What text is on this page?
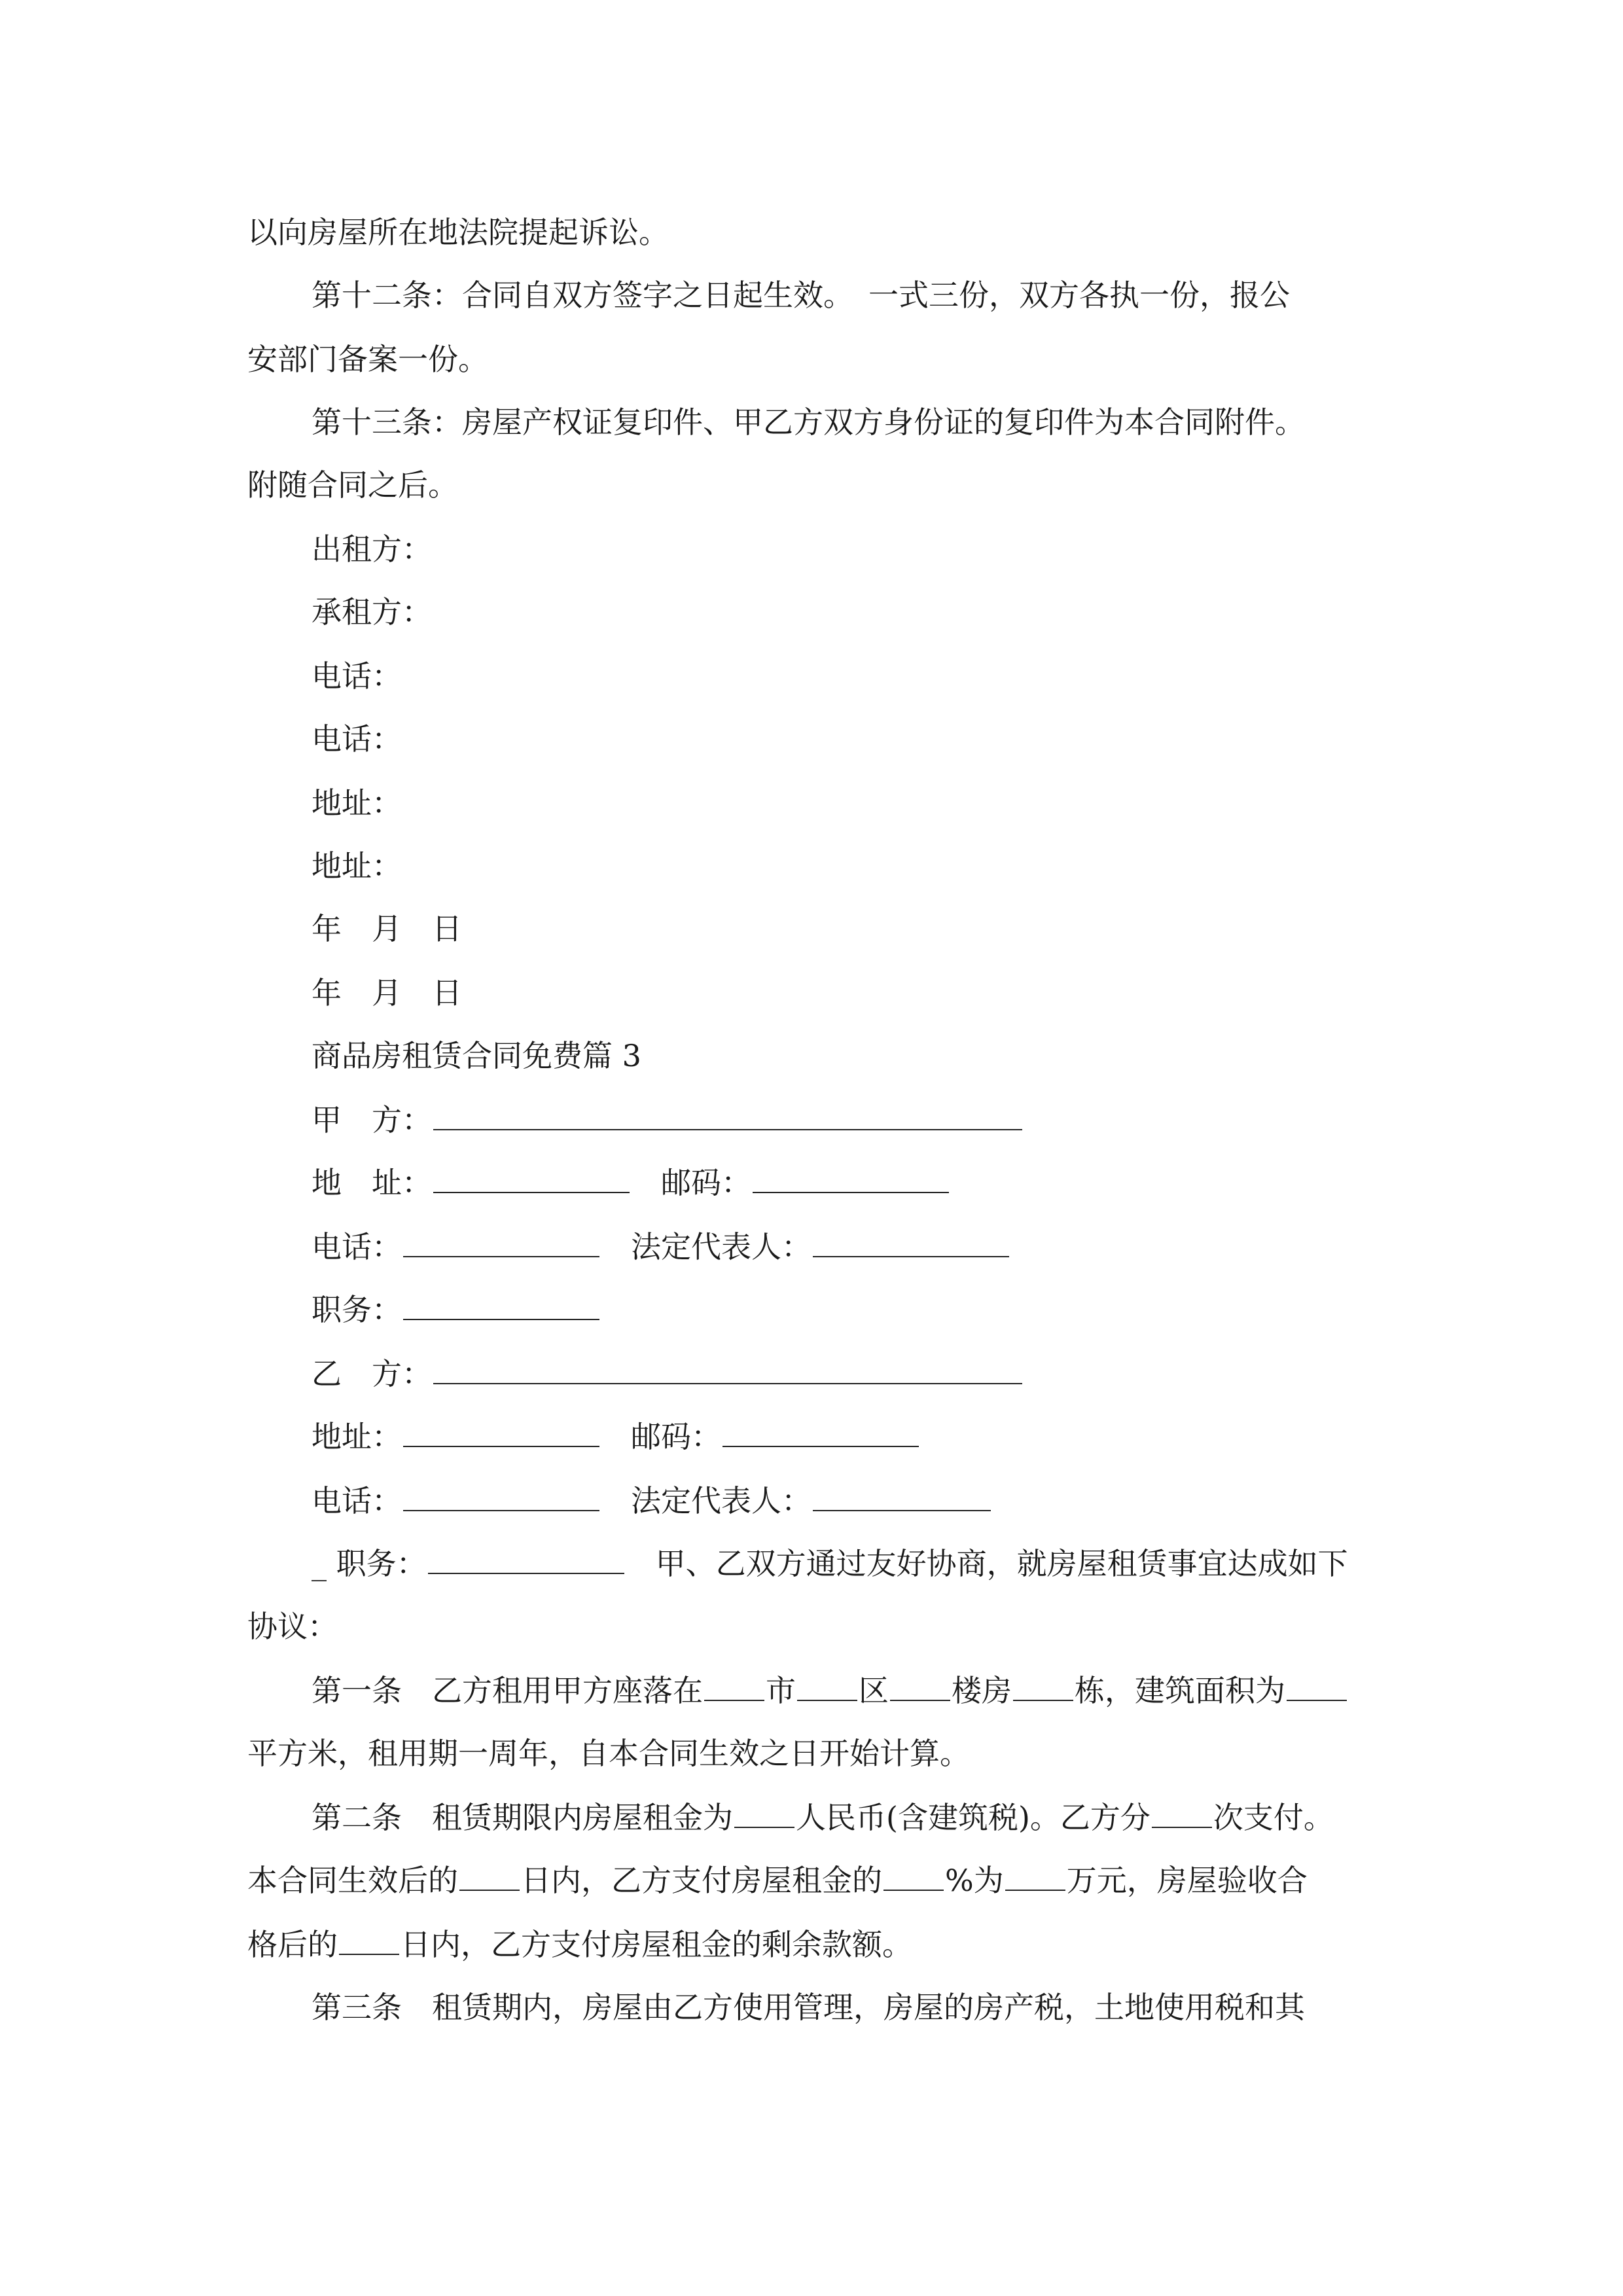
以向房屋所在地法院提起诉讼。
第十二条：合同自双方签字之日起生效。　一式三份，双方各执一份，报公
安部门备案一份。
第十三条：房屋产权证复印件、甲乙方双方身份证的复印件为本合同附件。
附随合同之后。
出租方：
承租方：
电话：
电话：
地址：
地址：
年　月　日
年　月　日
商品房租赁合同免费篇 3
甲　方：
地　址：　	邮码：
电话：　	法定代表人：
职务：
乙　方：
地址：　	邮码：
电话：　	法定代表人：
_ 职务：　	甲、乙双方通过友好协商，就房屋租赁事宜达成如下
协议：
第一条　乙方租用甲方座落在 市 区 楼房 栋，建筑面积为
平方米，租用期一周年，自本合同生效之日开始计算。
第二条　租赁期限内房屋租金为 人民币(含建筑税)。乙方分 次支付。
本合同生效后的 日内，乙方支付房屋租金的 %为 万元，房屋验收合
格后的 日内，乙方支付房屋租金的剩余款额。
第三条　租赁期内，房屋由乙方使用管理，房屋的房产税，土地使用税和其
